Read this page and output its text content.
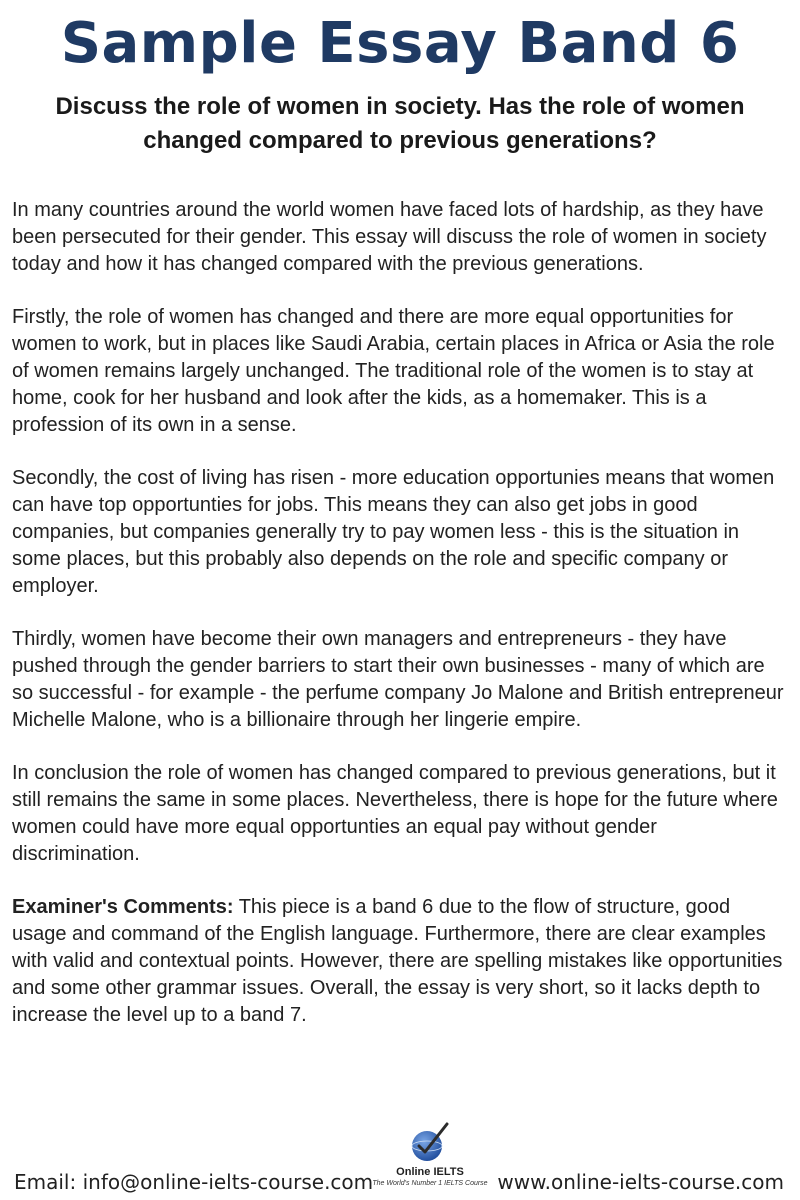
Sample Essay Band 6
Discuss the role of women in society. Has the role of women changed compared to previous generations?

In many countries around the world women have faced lots of hardship, as they have been persecuted for their gender. This essay will discuss the role of women in society today and how it has changed compared with the previous generations.

Firstly, the role of women has changed and there are more equal opportunities for women to work, but in places like Saudi Arabia, certain places in Africa or Asia the role of women remains largely unchanged. The traditional role of the women is to stay at home, cook for her husband and look after the kids, as a homemaker. This is a profession of its own in a sense.

Secondly, the cost of living has risen - more education opportunies means that women can have top opportunties for jobs. This means they can also get jobs in good companies, but companies generally try to pay women less - this is the situation in some places, but this probably also depends on the role and specific company or employer.

Thirdly, women have become their own managers and entrepreneurs - they have pushed through the gender barriers to start their own businesses - many of which are so successful - for example - the perfume company Jo Malone and British entrepreneur Michelle Malone, who is a billionaire through her lingerie empire.

In conclusion the role of women has changed compared to previous generations, but it still remains the same in some places. Nevertheless, there is hope for the future where women could have more equal opportunties an equal pay without gender discrimination.

Examiner's Comments: This piece is a band 6 due to the flow of structure, good usage and command of the English language. Furthermore, there are clear examples with valid and contextual points. However, there are spelling mistakes like opportunities and some other grammar issues. Overall, the essay is very short, so it lacks depth to increase the level up to a band 7.

Email: info@online-ielts-course.com	Online IELTS
The World's Number 1 IELTS Course www.online-ielts-course.com
